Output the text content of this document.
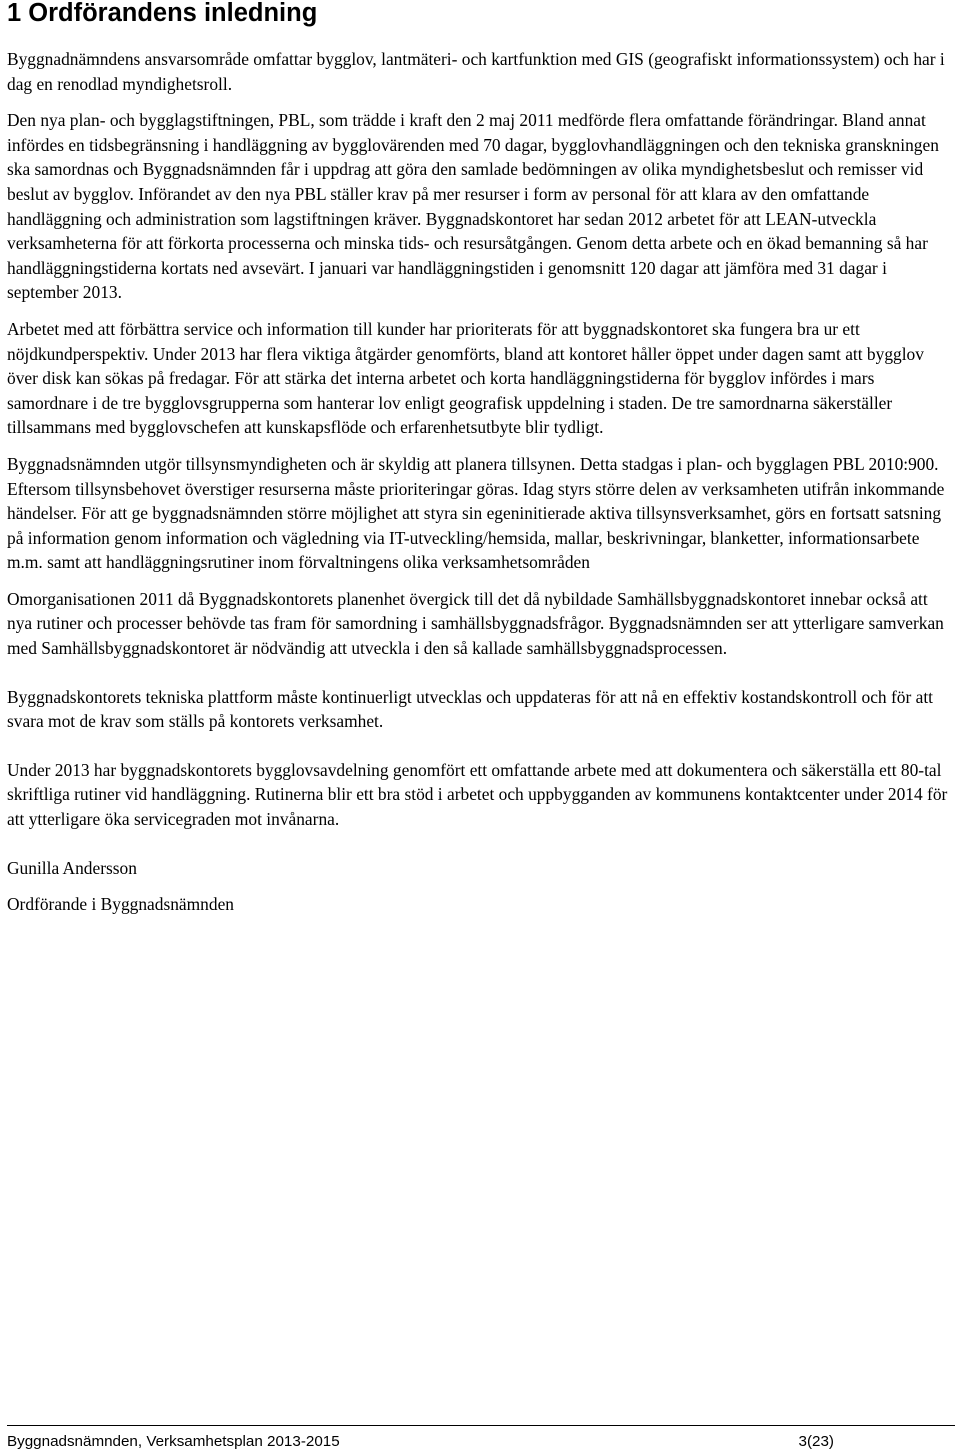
1 Ordförandens inledning

Byggnadnämndens ansvarsområde omfattar bygglov, lantmäteri- och kartfunktion med GIS (geografiskt informationssystem) och har i dag en renodlad myndighetsroll.

Den nya plan- och bygglagstiftningen, PBL, som trädde i kraft den 2 maj 2011 medförde flera omfattande förändringar. Bland annat infördes en tidsbegränsning i handläggning av bygglovärenden med 70 dagar, bygglovhandläggningen och den tekniska granskningen ska samordnas och Byggnadsnämnden får i uppdrag att göra den samlade bedömningen av olika myndighetsbeslut och remisser vid beslut av bygglov. Införandet av den nya PBL ställer krav på mer resurser i form av personal för att klara av den omfattande handläggning och administration som lagstiftningen kräver. Byggnadskontoret har sedan 2012 arbetet för att LEAN-utveckla verksamheterna för att förkorta processerna och minska tids- och resursåtgången. Genom detta arbete och en ökad bemanning så har handläggningstiderna kortats ned avsevärt. I januari var handläggningstiden i genomsnitt 120 dagar att jämföra med 31 dagar i september 2013.

Arbetet med att förbättra service och information till kunder har prioriterats för att byggnadskontoret ska fungera bra ur ett nöjdkundperspektiv. Under 2013 har flera viktiga åtgärder genomförts, bland att kontoret håller öppet under dagen samt att bygglov över disk kan sökas på fredagar. För att stärka det interna arbetet och korta handläggningstiderna för bygglov infördes i mars samordnare i de tre bygglovsgrupperna som hanterar lov enligt geografisk uppdelning i staden. De tre samordnarna säkerställer tillsammans med bygglovschefen att kunskapsflöde och erfarenhetsutbyte blir tydligt.

Byggnadsnämnden utgör tillsynsmyndigheten och är skyldig att planera tillsynen. Detta stadgas i plan- och bygglagen PBL 2010:900. Eftersom tillsynsbehovet överstiger resurserna måste prioriteringar göras. Idag styrs större delen av verksamheten utifrån inkommande händelser. För att ge byggnadsnämnden större möjlighet att styra sin egeninitierade aktiva tillsynsverksamhet, görs en fortsatt satsning på information genom information och vägledning via IT-utveckling/hemsida, mallar, beskrivningar, blanketter, informationsarbete m.m. samt att handläggningsrutiner inom förvaltningens olika verksamhetsområden

Omorganisationen 2011 då Byggnadskontorets planenhet övergick till det då nybildade Samhällsbyggnadskontoret innebar också att nya rutiner och processer behövde tas fram för samordning i samhällsbyggnadsfrågor. Byggnadsnämnden ser att ytterligare samverkan med Samhällsbyggnadskontoret är nödvändig att utveckla i den så kallade samhällsbyggnadsprocessen.

Byggnadskontorets tekniska plattform måste kontinuerligt utvecklas och uppdateras för att nå en effektiv kostandskontroll och för att svara mot de krav som ställs på kontorets verksamhet.

Under 2013 har byggnadskontorets bygglovsavdelning genomfört ett omfattande arbete med att dokumentera och säkerställa ett 80-tal skriftliga rutiner vid handläggning. Rutinerna blir ett bra stöd i arbetet och uppbygganden av kommunens kontaktcenter under 2014 för att ytterligare öka servicegraden mot invånarna.

Gunilla Andersson

Ordförande i Byggnadsnämnden

Byggnadsnämnden, Verksamhetsplan 2013-2015	3(23)
